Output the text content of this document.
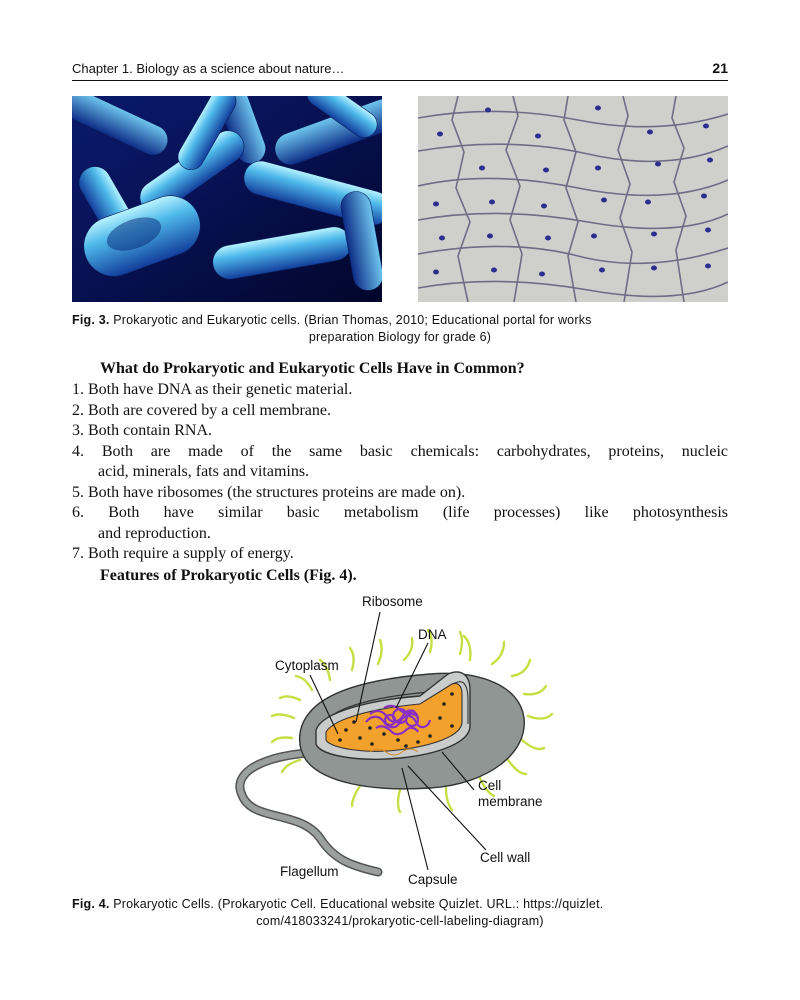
Chapter 1. Biology as a science about nature…	21
Fig. 3. Prokaryotic and Eukaryotic cells. (Brian Thomas, 2010; Educational portal for works
preparation Biology for grade 6)
What do Prokaryotic and Eukaryotic Cells Have in Common?
1. Both have DNA as their genetic material.
2. Both are covered by a cell membrane.
3. Both contain RNA.
4. Both are made of the same basic chemicals: carbohydrates, proteins, nucleic
acid, minerals, fats and vitamins.
5. Both have ribosomes (the structures proteins are made on).
6. Both have similar basic metabolism (life processes) like photosynthesis
and reproduction.
7. Both require a supply of energy.
Features of Prokaryotic Cells (Fig. 4).
Ribosome
DNA
Cytoplasm
Cell
membrane
Cell wall
Flagellum
Capsule
Fig. 4. Prokaryotic Cells. (Prokaryotic Cell. Educational website Quizlet. URL.: https://quizlet.
com/418033241/prokaryotic-cell-labeling-diagram)
